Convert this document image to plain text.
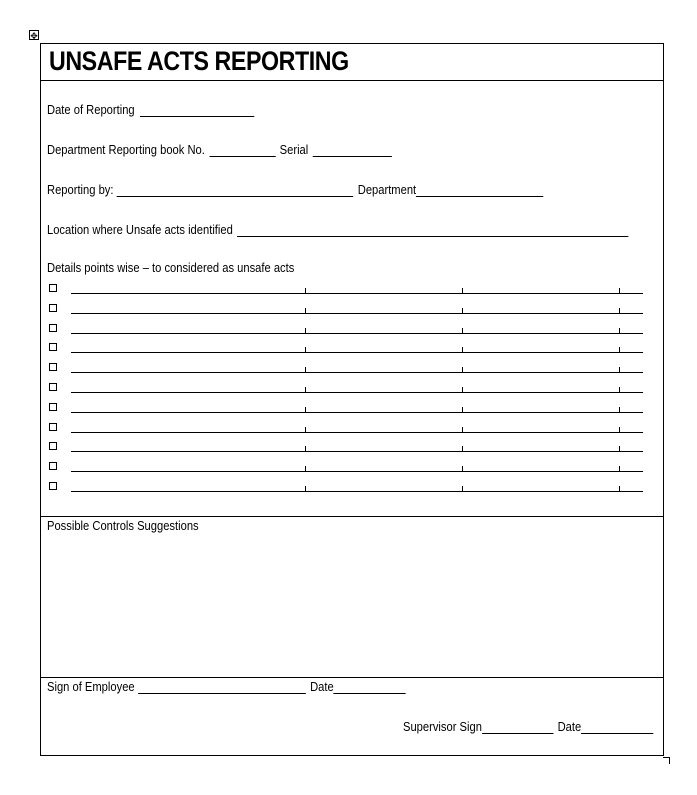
✥
UNSAFE ACTS REPORTING
Date of Reporting
Department Reporting book No.	Serial
Reporting by:	Department
Location where Unsafe acts identified
Details points wise – to considered as unsafe acts
Possible Controls Suggestions
Sign of Employee	Date
Supervisor Sign	Date
